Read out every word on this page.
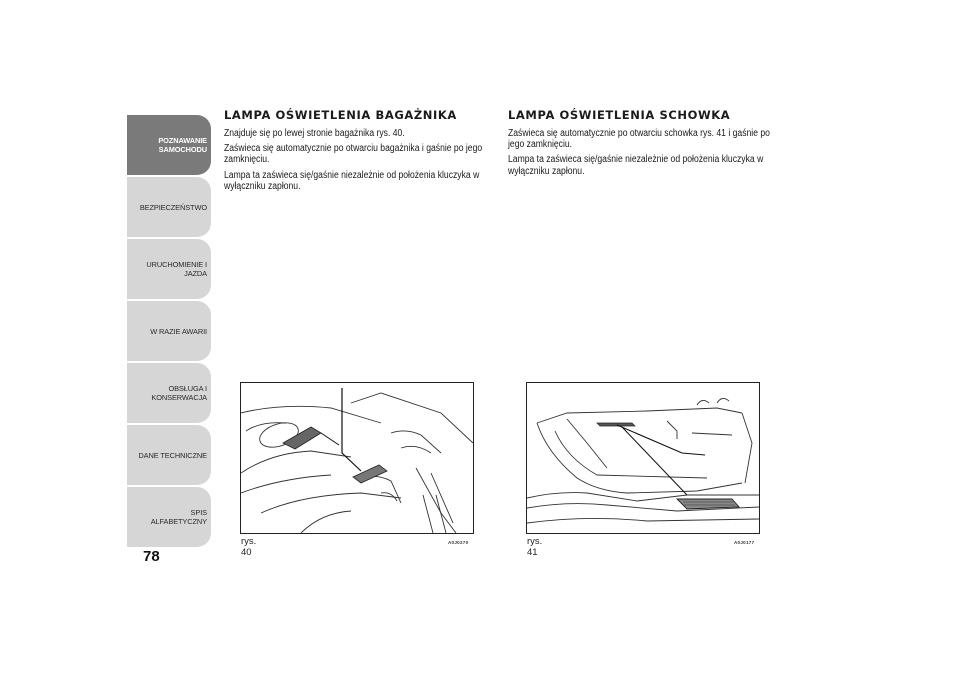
POZNAWANIE
SAMOCHODU
BEZPIECZEŃSTWO
URUCHOMIENIE I
JAZDA
W RAZIE AWARII
OBSŁUGA I
KONSERWACJA
DANE TECHNICZNE
SPIS ALFABETYCZNY
78
LAMPA OŚWIETLENIA BAGAŻNIKA

Znajduje się po lewej stronie bagażnika rys. 40.

Zaświeca się automatycznie po otwarciu bagażnika i gaśnie po jego zamknięciu.

Lampa ta zaświeca się/gaśnie niezależnie od położenia kluczyka w wyłączniku zapłonu.

LAMPA OŚWIETLENIA SCHOWKA

Zaświeca się automatycznie po otwarciu schowka rys. 41 i gaśnie po jego zamknięciu.

Lampa ta zaświeca się/gaśnie niezależnie od położenia kluczyka w wyłączniku zapłonu.

rys. 40
A0J0270	rys. 41
A0J0177
